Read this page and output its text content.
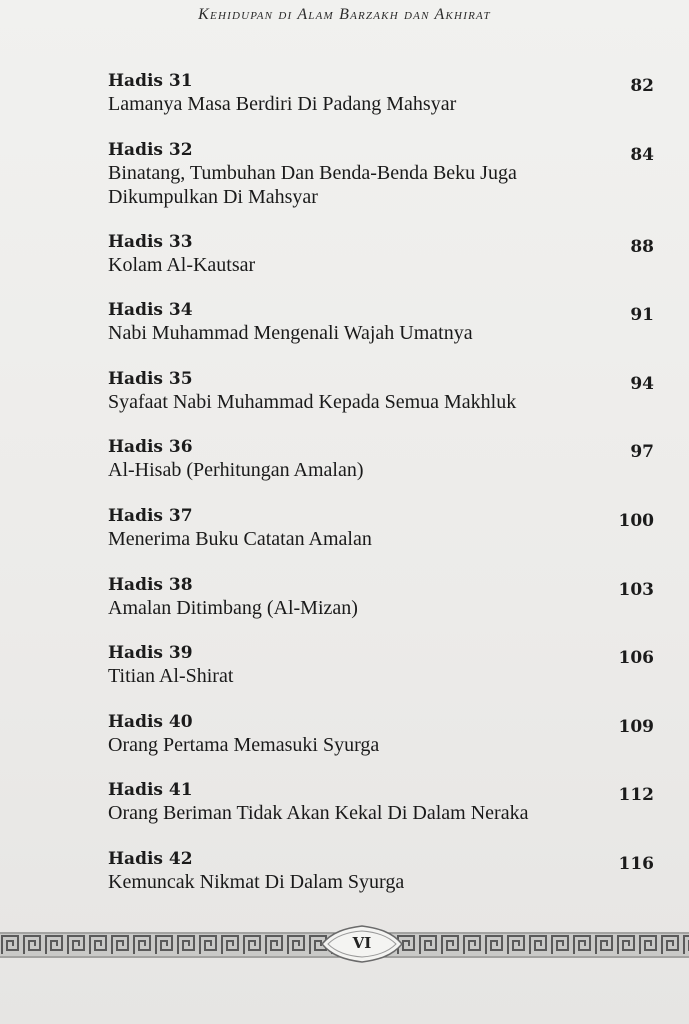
Kehidupan di Alam Barzakh dan Akhirat

Hadis 31

Lamanya Masa Berdiri Di Padang Mahsyar

82

Hadis 32

Binatang, Tumbuhan Dan Benda-Benda Beku Juga Dikumpulkan Di Mahsyar

84

Hadis 33

Kolam Al-Kautsar

88

Hadis 34

Nabi Muhammad Mengenali Wajah Umatnya

91

Hadis 35

Syafaat Nabi Muhammad Kepada Semua Makhluk

94

Hadis 36

Al-Hisab (Perhitungan Amalan)

97

Hadis 37

Menerima Buku Catatan Amalan

100

Hadis 38

Amalan Ditimbang (Al-Mizan)

103

Hadis 39

Titian Al-Shirat

106

Hadis 40

Orang Pertama Memasuki Syurga

109

Hadis 41

Orang Beriman Tidak Akan Kekal Di Dalam Neraka

112

Hadis 42

Kemuncak Nikmat Di Dalam Syurga

116
VI
